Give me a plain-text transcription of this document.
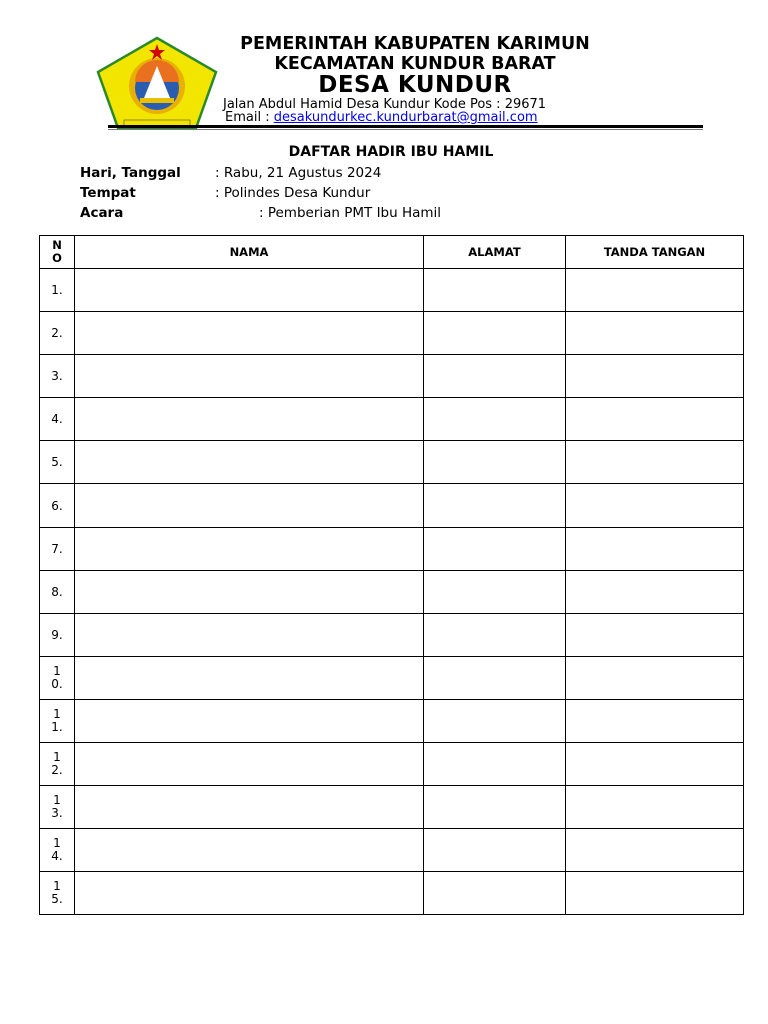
PEMERINTAH KABUPATEN KARIMUN
KECAMATAN KUNDUR BARAT
DESA KUNDUR
Jalan Abdul Hamid Desa Kundur Kode Pos : 29671
Email : desakundurkec.kundurbarat@gmail.com
DAFTAR HADIR IBU HAMIL
Hari, Tanggal	: Rabu, 21 Agustus 2024
Tempat	: Polindes Desa Kundur
Acara	: Pemberian PMT Ibu Hamil
NO	NAMA	ALAMAT	TANDA TANGAN
1.			
2.			
3.			
4.			
5.			
6.			
7.			
8.			
9.			
10.			
11.			
12.			
13.			
14.			
15.			
